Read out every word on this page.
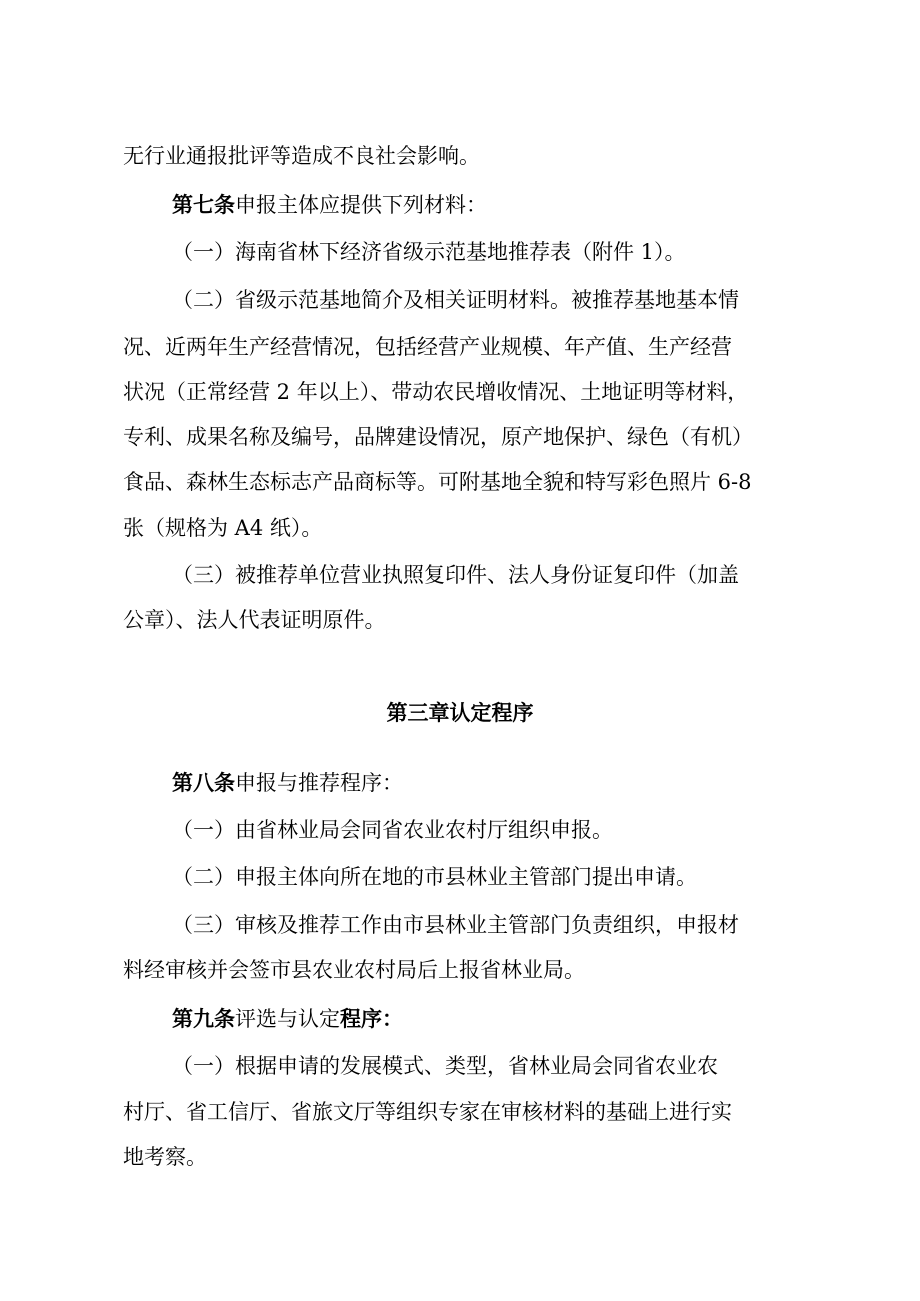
无行业通报批评等造成不良社会影响。
第七条申报主体应提供下列材料：
（一）海南省林下经济省级示范基地推荐表（附件 1）。
（二）省级示范基地简介及相关证明材料。被推荐基地基本情
况、近两年生产经营情况，包括经营产业规模、年产值、生产经营
状况（正常经营 2 年以上）、带动农民增收情况、土地证明等材料，
专利、成果名称及编号，品牌建设情况，原产地保护、绿色（有机）
食品、森林生态标志产品商标等。可附基地全貌和特写彩色照片 6-8
张（规格为 A4 纸）。
（三）被推荐单位营业执照复印件、法人身份证复印件（加盖
公章）、法人代表证明原件。
第三章认定程序
第八条申报与推荐程序：
（一）由省林业局会同省农业农村厅组织申报。
（二）申报主体向所在地的市县林业主管部门提出申请。
（三）审核及推荐工作由市县林业主管部门负责组织，申报材
料经审核并会签市县农业农村局后上报省林业局。
第九条评选与认定程序：
（一）根据申请的发展模式、类型，省林业局会同省农业农
村厅、省工信厅、省旅文厅等组织专家在审核材料的基础上进行实
地考察。
